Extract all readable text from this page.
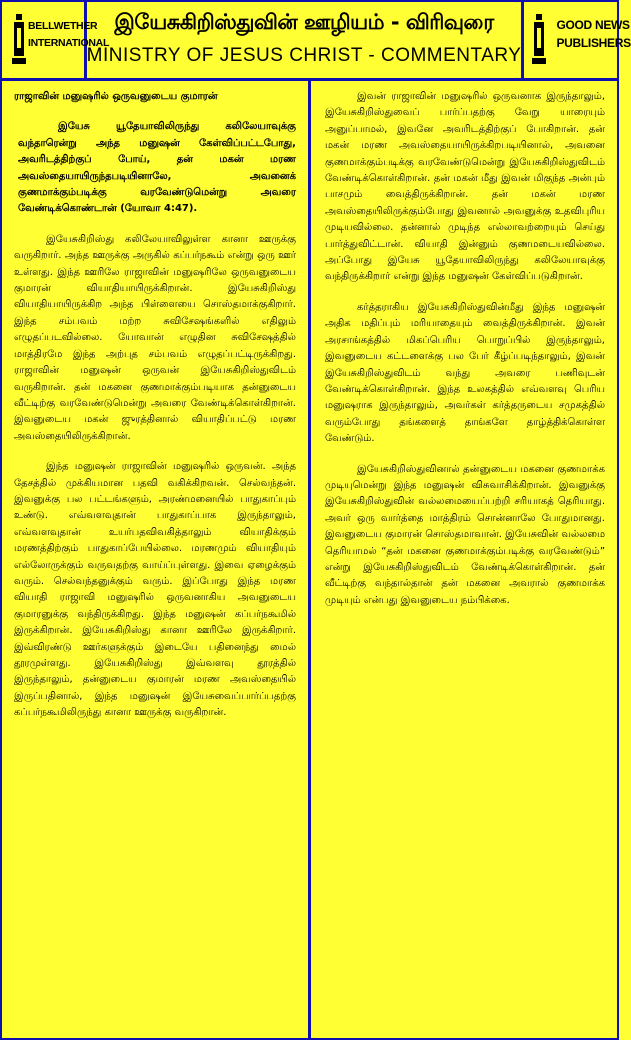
BELLWETHER
INTERNATIONAL
இயேசுகிறிஸ்துவின் ஊழியம் - விரிவுரை
MINISTRY OF JESUS CHRIST - COMMENTARY
GOOD NEWS
PUBLISHERS

ராஜாவின் மனுஷரில் ஒருவனுடைய குமாரன்

இயேசு யூதேயாவிலிருந்து கலிலேயாவுக்கு வந்தாரென்று அந்த மனுஷன் கேள்விப்பட்டபோது, அவரிடத்திற்குப் போய், தன் மகன் மரண அவஸ்தையாயிருந்தபடியினாலே, அவனைக் குணமாக்கும்படிக்கு வரவேண்டுமென்று அவரை வேண்டிக்கொண்டான் (யோவா 4:47).

இயேசுகிறிஸ்து கலிலேயாவிலுள்ள கானா ஊருக்கு வருகிறார். அந்த ஊருக்கு அருகில் கப்பர்நகூம் என்று ஒரு ஊர் உள்ளது. இந்த ஊரிலே ராஜாவின் மனுஷரிலே ஒருவனுடைய குமாரன் வியாதியாயிருக்கிறான். இயேசுகிறிஸ்து வியாதியாயிருக்கிற அந்த பிள்ளையை சொஸ்தமாக்குகிறார். இந்த சம்பவம் மற்ற சுவிசேஷங்களில் எதிலும் எழுதப்படவில்லை. யோவான் எழுதின சுவிசேஷத்தில் மாத்திரமே இந்த அற்புத சம்பவம் எழுதப்பட்டிருக்கிறது. ராஜாவின் மனுஷன் ஒருவன் இயேசுகிறிஸ்துவிடம் வருகிறான். தன் மகனை குணமாக்கும்படியாக தன்னுடைய வீட்டிற்கு வரவேண்டுமென்று அவரை வேண்டிக்கொள்கிறான். இவனுடைய மகன் ஜுரத்தினால் வியாதிப்பட்டு மரண அவஸ்தையிலிருக்கிறான்.

இந்த மனுஷன் ராஜாவின் மனுஷரில் ஒருவன். அந்த தேசத்தில் முக்கியமான பதவி வகிக்கிறவன். செல்வந்தன். இவனுக்கு பல பட்டங்களும், அரண்மனையில் பாதுகாப்பும் உண்டு. எவ்வளவுதான் பாதுகாப்பாக இருந்தாலும், எவ்வளவுதான் உயர்பதவிவகித்தாலும் வியாதிக்கும் மரணத்திற்கும் பாதுகாப்பேயில்லை. மரணமும் வியாதியும் எல்லோருக்கும் வருவதற்கு வாய்ப்புள்ளது. இவை ஏழைக்கும் வரும். செல்வந்தனுக்கும் வரும். இப்போது இந்த மரண வியாதி ராஜாவி மனுஷரில் ஒருவனாகிய அவனுடைய குமாரனுக்கு வந்திருக்கிறது. இந்த மனுஷன் கப்பர்நகூமில் இருக்கிறான். இயேசுகிறிஸ்து கானா ஊரிலே இருக்கிறார். இவ்விரண்டு ஊர்களுக்கும் இடையே பதினைந்து மைல் தூரமுள்ளது. இயேசுகிறிஸ்து இவ்வளவு தூரத்தில் இருந்தாலும், தன்னுடைய குமாரன் மரண அவஸ்தையில் இருப்பதினால், இந்த மனுஷன் இயேசுவைப்பார்ப்பதற்கு கப்பர்நகூமிலிருந்து கானா ஊருக்கு வருகிறான்.

இவன் ராஜாவின் மனுஷரில் ஒருவனாக இருந்தாலும், இயேசுகிறிஸ்துவைப் பார்ப்பதற்கு வேறு யாரையும் அனுப்பாமல், இவனே அவரிடத்திற்குப் போகிறான். தன் மகன் மரண அவஸ்தையாயிருக்கிறபடியினால், அவனை குணமாக்கும்படிக்கு வரவேண்டுமென்று இயேசுகிறிஸ்துவிடம் வேண்டிக்கொள்கிறான். தன் மகன் மீது இவன் மிகுந்த அன்பும் பாசமும் வைத்திருக்கிறான். தன் மகன் மரண அவஸ்தையிலிருக்கும்போது இவனால் அவனுக்கு உதவிபுரிய முடியவில்லை. தன்னால் முடிந்த எல்லாவற்றையும் செய்து பார்த்துவிட்டான். வியாதி இன்னும் குணமடையவில்லை. அப்போது இயேசு யூதேயாவிலிருந்து கலிலேயாவுக்கு வந்திருக்கிறார் என்று இந்த மனுஷன் கேள்விப்படுகிறான்.

கர்த்தராகிய இயேசுகிறிஸ்துவின்மீது இந்த மனுஷன் அதிக மதிப்பும் மரியாதையும் வைத்திருக்கிறான். இவன் அரசாங்கத்தில் மிகப்பெரிய பொறுப்பில் இருந்தாலும், இவனுடைய கட்டளைக்கு பல பேர் கீழ்ப்படிந்தாலும், இவன் இயேசுகிறிஸ்துவிடம் வந்து அவரை பணிவுடன் வேண்டிக்கொள்கிறான். இந்த உலகத்தில் எவ்வளவு பெரிய மனுஷராக இருந்தாலும், அவர்கள் கர்த்தருடைய சமுகத்தில் வரும்போது தங்களைத் தாங்களே தாழ்த்திக்கொள்ள வேண்டும்.

இயேசுகிறிஸ்துவினால் தன்னுடைய மகனை குணமாக்க முடியுமென்று இந்த மனுஷன் விசுவாசிக்கிறான். இவனுக்கு இயேசுகிறிஸ்துவின் வல்லமையைப்பற்றி சரியாகத் தெரியாது. அவர் ஒரு வார்த்தை மாத்திரம் சொன்னாலே போதுமானது. இவனுடைய குமாரன் சொஸ்தமாவான். இயேசுவின் வல்லமை தெரியாமல் “தன் மகனை குணமாக்கும்படிக்கு வரவேண்டும்” என்று இயேசுகிறிஸ்துவிடம் வேண்டிக்கொள்கிறான். தன் வீட்டிற்கு வந்தால்தான் தன் மகனை அவரால் குணமாக்க முடியும் என்பது இவனுடைய நம்பிக்கை.
